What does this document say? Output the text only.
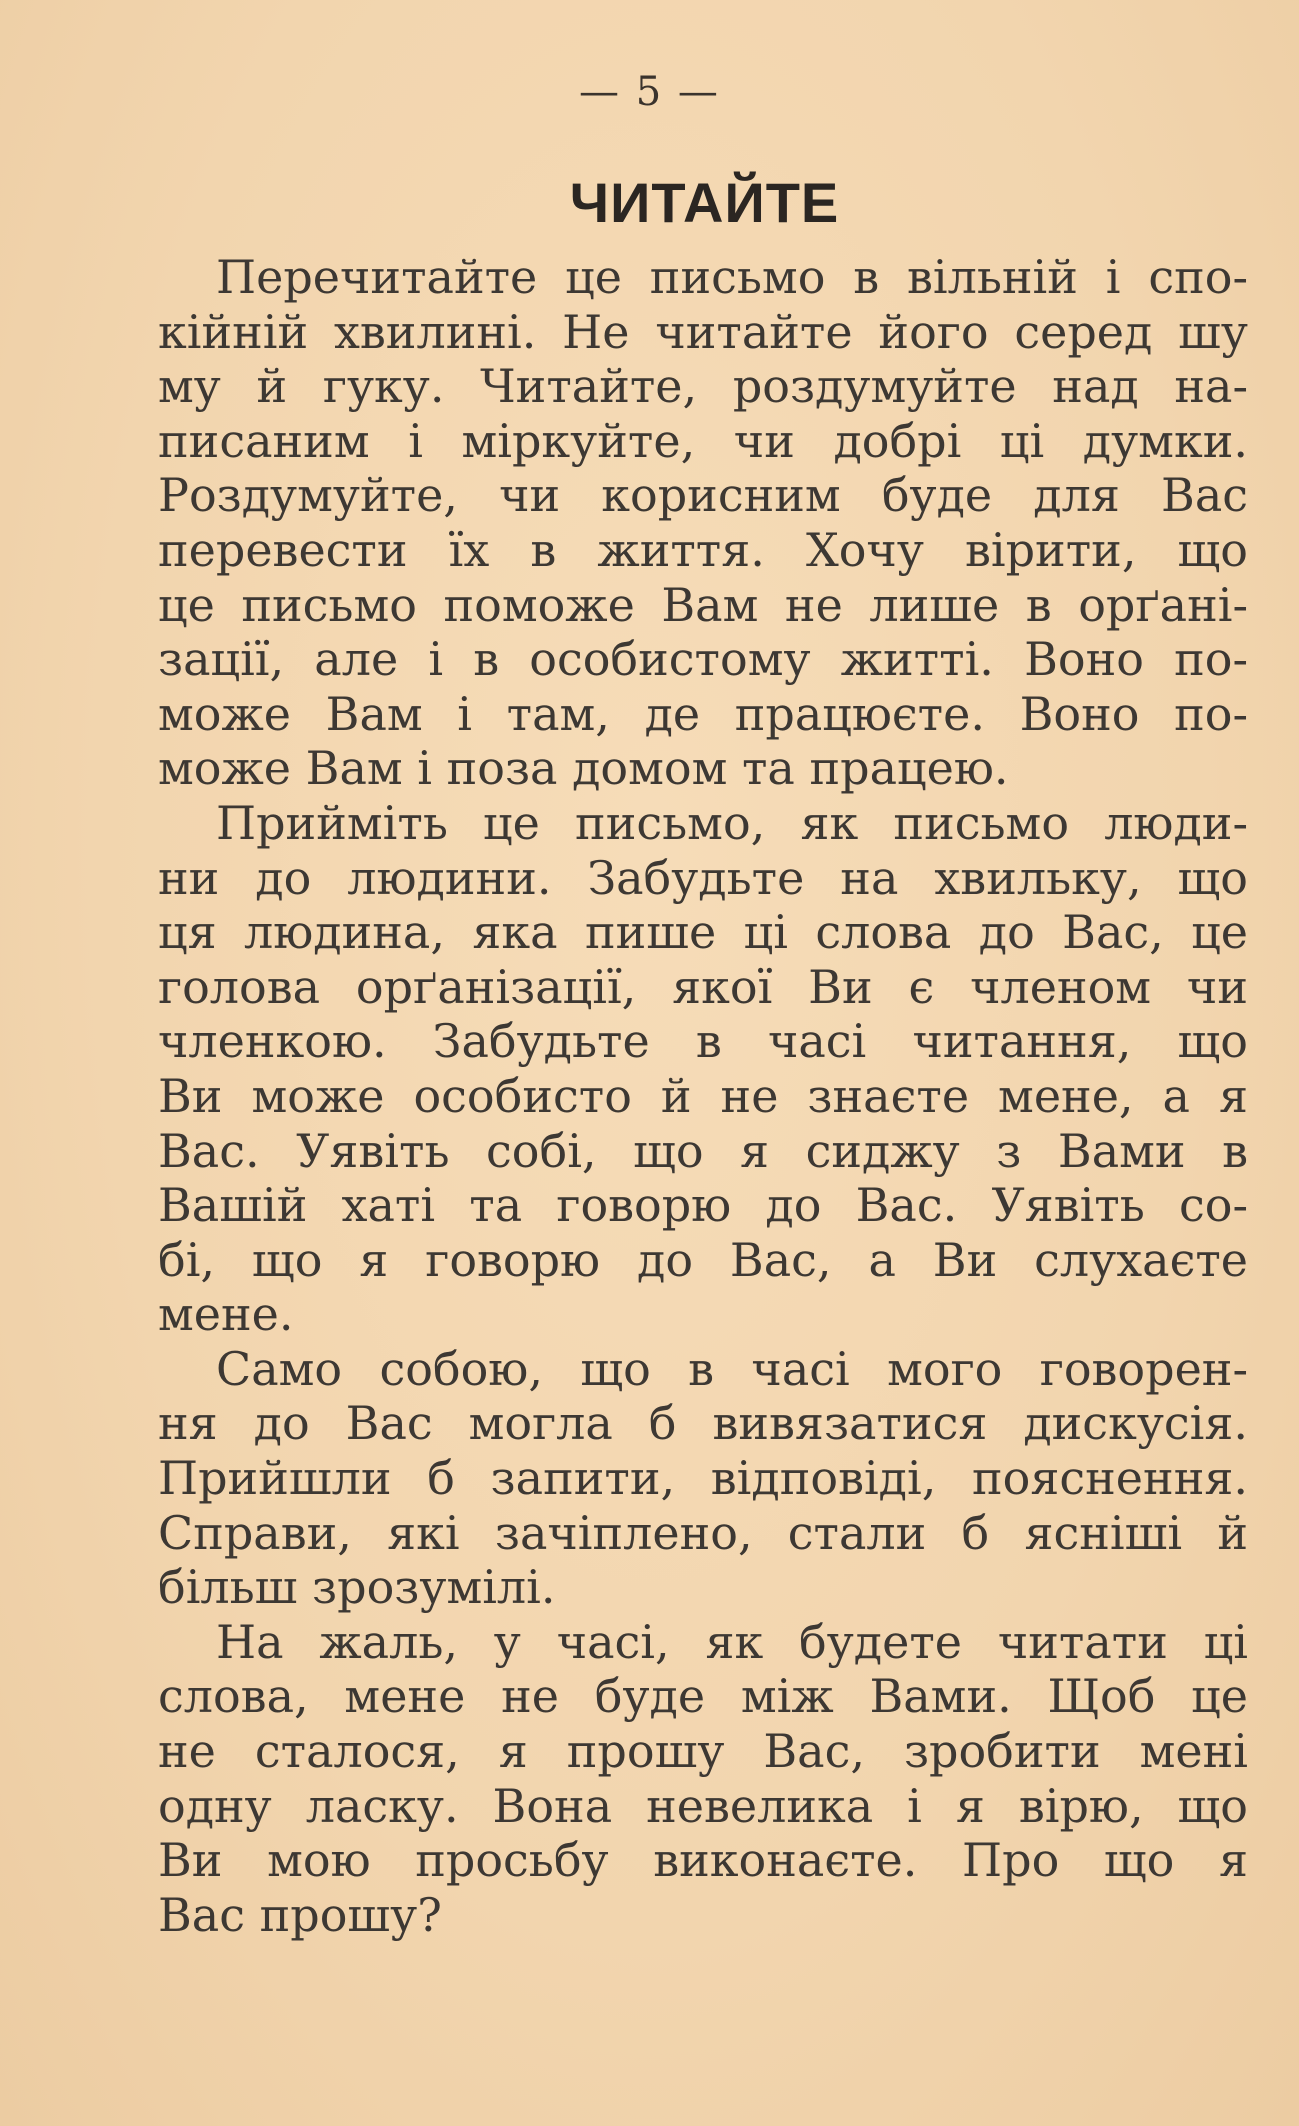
— 5 —
ЧИТАЙТЕ
Перечитайте це письмо в вільній і спо-
кійній хвилині. Не читайте його серед шу
му й гуку. Читайте, роздумуйте над на-
писаним і міркуйте, чи добрі ці думки.
Роздумуйте, чи корисним буде для Вас
перевести їх в життя. Хочу вірити, що
це письмо поможе Вам не лише в орґані-
зації, але і в особистому житті. Воно по-
може Вам і там, де працюєте. Воно по-
може Вам і поза домом та працею.
Прийміть це письмо, як письмо люди-
ни до людини. Забудьте на хвильку, що
ця людина, яка пише ці слова до Вас, це
голова орґанізації, якої Ви є членом чи
членкою. Забудьте в часі читання, що
Ви може особисто й не знаєте мене, а я
Вас. Уявіть собі, що я сиджу з Вами в
Вашій хаті та говорю до Вас. Уявіть со-
бі, що я говорю до Вас, а Ви слухаєте
мене.
Само собою, що в часі мого говорен-
ня до Вас могла б вивязатися дискусія.
Прийшли б запити, відповіді, пояснення.
Справи, які зачіплено, стали б ясніші й
більш зрозумілі.
На жаль, у часі, як будете читати ці
слова, мене не буде між Вами. Щоб це
не сталося, я прошу Вас, зробити мені
одну ласку. Вона невелика і я вірю, що
Ви мою просьбу виконаєте. Про що я
Вас прошу?
